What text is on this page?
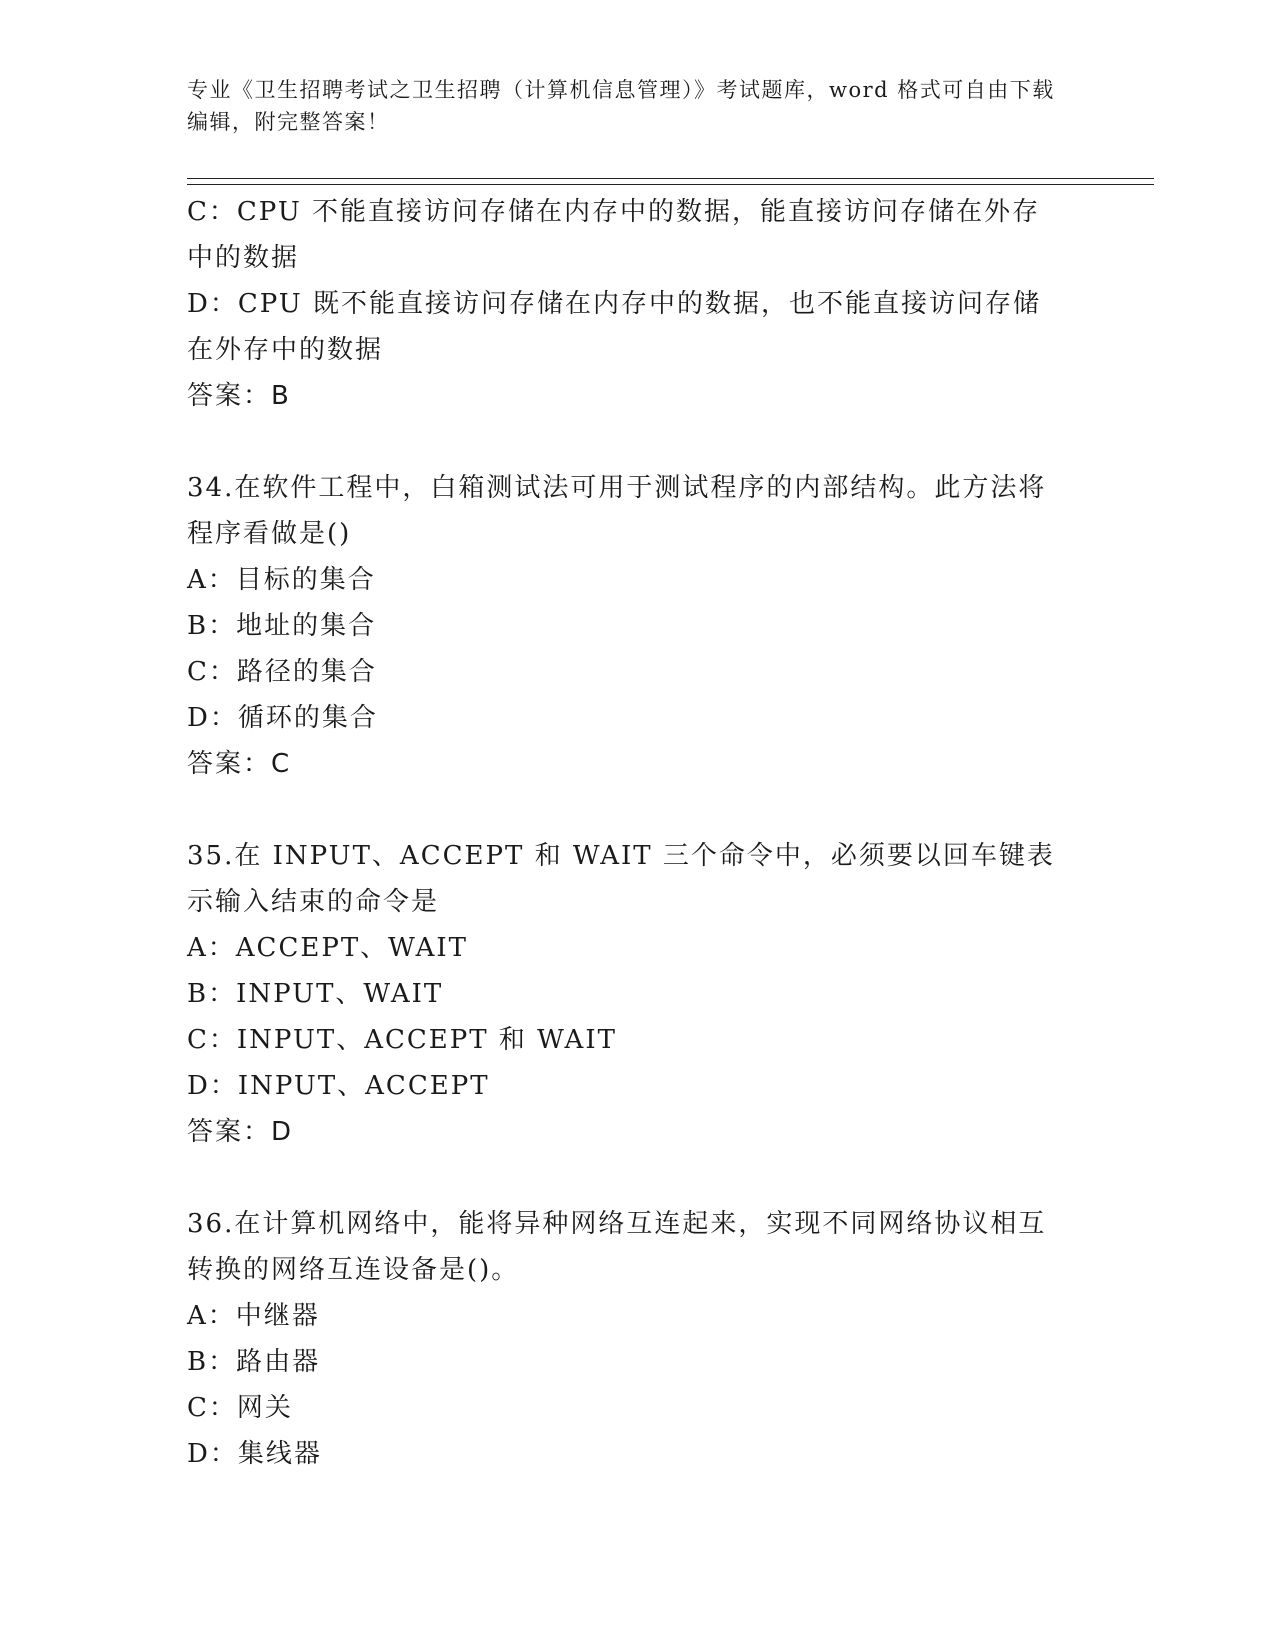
专业《卫生招聘考试之卫生招聘（计算机信息管理）》考试题库，word 格式可自由下载编辑，附完整答案！

C：CPU 不能直接访问存储在内存中的数据，能直接访问存储在外存中的数据

D：CPU 既不能直接访问存储在内存中的数据，也不能直接访问存储在外存中的数据

答案：B

34.在软件工程中，白箱测试法可用于测试程序的内部结构。此方法将程序看做是()

A：目标的集合

B：地址的集合

C：路径的集合

D：循环的集合

答案：C

35.在 INPUT、ACCEPT 和 WAIT 三个命令中，必须要以回车键表示输入结束的命令是

A：ACCEPT、WAIT

B：INPUT、WAIT

C：INPUT、ACCEPT 和 WAIT

D：INPUT、ACCEPT

答案：D

36.在计算机网络中，能将异种网络互连起来，实现不同网络协议相互转换的网络互连设备是()。

A：中继器

B：路由器

C：网关

D：集线器
